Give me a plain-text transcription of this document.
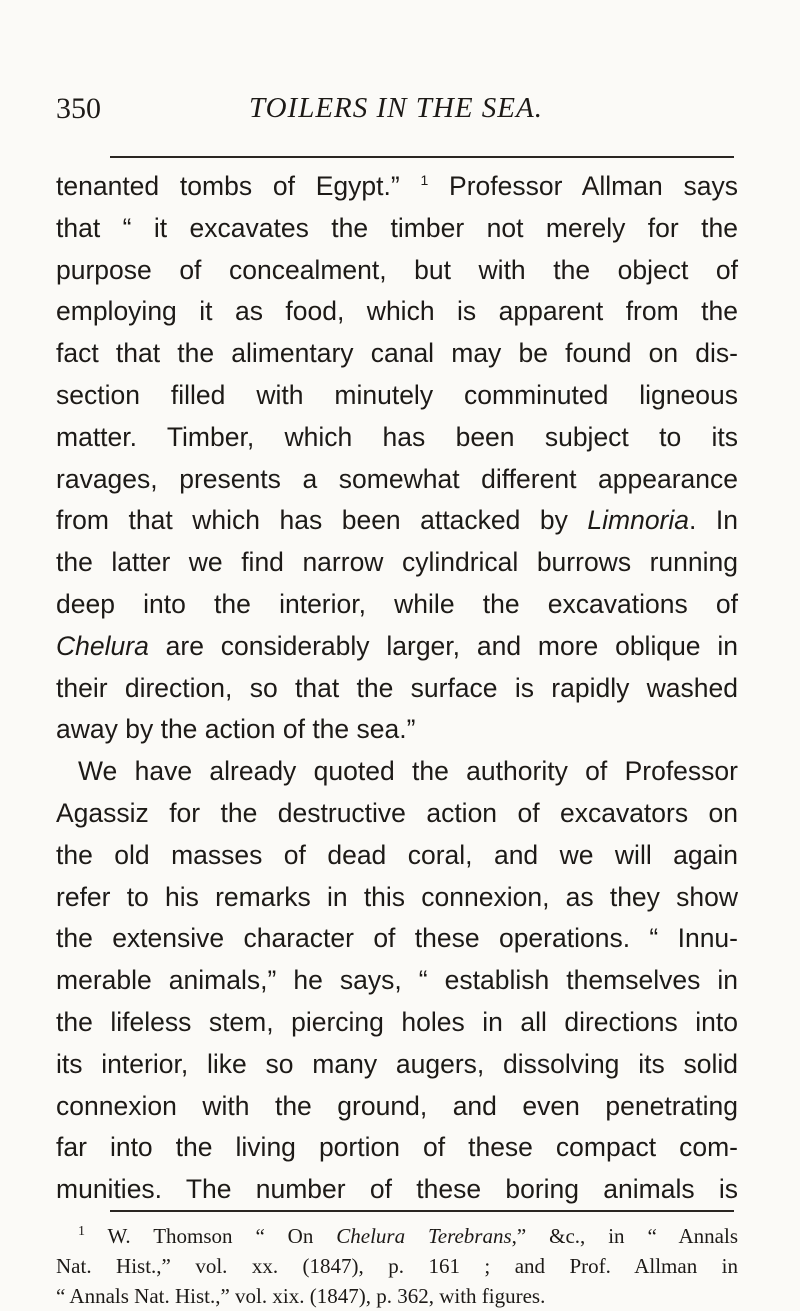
350	TOILERS IN THE SEA.
tenanted tombs of Egypt.” $^1$ Professor Allman says
that “ it excavates the timber not merely for the
purpose of concealment, but with the object of
employing it as food, which is apparent from the
fact that the alimentary canal may be found on dis-
section filled with minutely comminuted ligneous
matter. Timber, which has been subject to its
ravages, presents a somewhat different appearance
from that which has been attacked by Limnoria. In
the latter we find narrow cylindrical burrows running
deep into the interior, while the excavations of
Chelura are considerably larger, and more oblique in
their direction, so that the surface is rapidly washed
away by the action of the sea.”
We have already quoted the authority of Professor
Agassiz for the destructive action of excavators on
the old masses of dead coral, and we will again
refer to his remarks in this connexion, as they show
the extensive character of these operations. “ Innu-
merable animals,” he says, “ establish themselves in
the lifeless stem, piercing holes in all directions into
its interior, like so many augers, dissolving its solid
connexion with the ground, and even penetrating
far into the living portion of these compact com-
munities. The number of these boring animals is
$^1$ W. Thomson “ On Chelura Terebrans,” &c., in “ Annals
Nat. Hist.,” vol. xx. (1847), p. 161 ; and Prof. Allman in
“ Annals Nat. Hist.,” vol. xix. (1847), p. 362, with figures.
